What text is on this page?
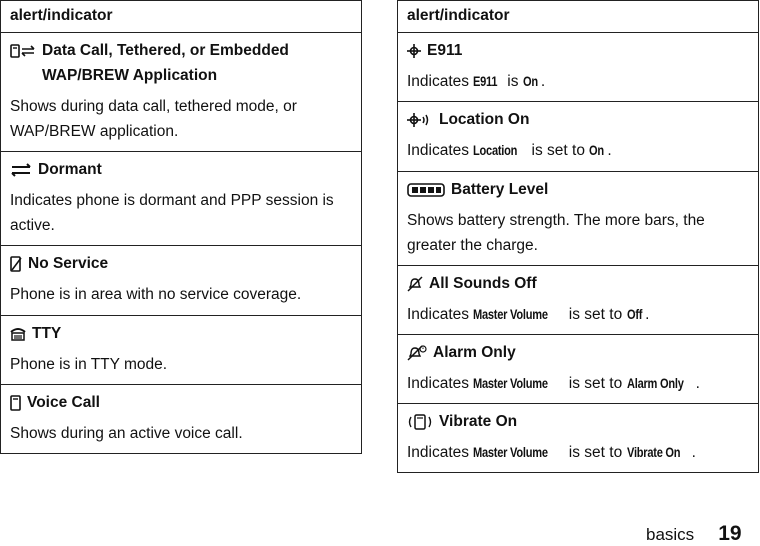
alert/indicator

Data Call, Tethered, or Embedded WAP/BREW Application
Shows during data call, tethered mode, or WAP/BREW application.

Dormant
Indicates phone is dormant and PPP session is active.

No Service
Phone is in area with no service coverage.

TTY
Phone is in TTY mode.

Voice Call
Shows during an active voice call.
alert/indicator

E911
Indicates E911 is On .

Location On
Indicates Location is set to On .

Battery Level
Shows battery strength. The more bars, the greater the charge.

All Sounds Off
Indicates Master Volume is set to Off .

Alarm Only
Indicates Master Volume is set to Alarm Only .

Vibrate On
Indicates Master Volume is set to Vibrate On .
basics 19
